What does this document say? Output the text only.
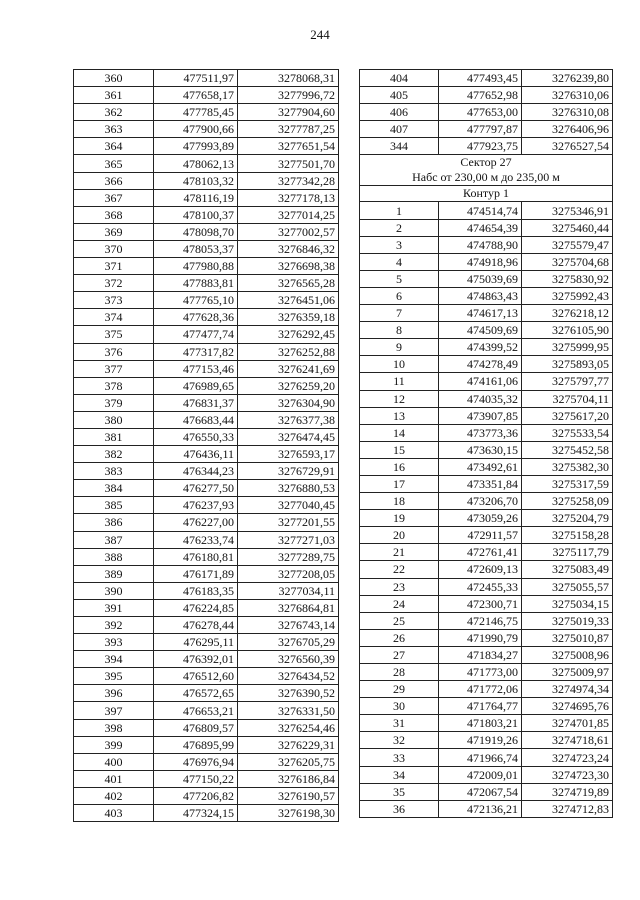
244
360	477511,97	3278068,31
361	477658,17	3277996,72
362	477785,45	3277904,60
363	477900,66	3277787,25
364	477993,89	3277651,54
365	478062,13	3277501,70
366	478103,32	3277342,28
367	478116,19	3277178,13
368	478100,37	3277014,25
369	478098,70	3277002,57
370	478053,37	3276846,32
371	477980,88	3276698,38
372	477883,81	3276565,28
373	477765,10	3276451,06
374	477628,36	3276359,18
375	477477,74	3276292,45
376	477317,82	3276252,88
377	477153,46	3276241,69
378	476989,65	3276259,20
379	476831,37	3276304,90
380	476683,44	3276377,38
381	476550,33	3276474,45
382	476436,11	3276593,17
383	476344,23	3276729,91
384	476277,50	3276880,53
385	476237,93	3277040,45
386	476227,00	3277201,55
387	476233,74	3277271,03
388	476180,81	3277289,75
389	476171,89	3277208,05
390	476183,35	3277034,11
391	476224,85	3276864,81
392	476278,44	3276743,14
393	476295,11	3276705,29
394	476392,01	3276560,39
395	476512,60	3276434,52
396	476572,65	3276390,52
397	476653,21	3276331,50
398	476809,57	3276254,46
399	476895,99	3276229,31
400	476976,94	3276205,75
401	477150,22	3276186,84
402	477206,82	3276190,57
403	477324,15	3276198,30
404	477493,45	3276239,80
405	477652,98	3276310,06
406	477653,00	3276310,08
407	477797,87	3276406,96
344	477923,75	3276527,54

Сектор 27
Набс от 230,00 м до 235,00 м		

Контур 1		
1	474514,74	3275346,91
2	474654,39	3275460,44
3	474788,90	3275579,47
4	474918,96	3275704,68
5	475039,69	3275830,92
6	474863,43	3275992,43
7	474617,13	3276218,12
8	474509,69	3276105,90
9	474399,52	3275999,95
10	474278,49	3275893,05
11	474161,06	3275797,77
12	474035,32	3275704,11
13	473907,85	3275617,20
14	473773,36	3275533,54
15	473630,15	3275452,58
16	473492,61	3275382,30
17	473351,84	3275317,59
18	473206,70	3275258,09
19	473059,26	3275204,79
20	472911,57	3275158,28
21	472761,41	3275117,79
22	472609,13	3275083,49
23	472455,33	3275055,57
24	472300,71	3275034,15
25	472146,75	3275019,33
26	471990,79	3275010,87
27	471834,27	3275008,96
28	471773,00	3275009,97
29	471772,06	3274974,34
30	471764,77	3274695,76
31	471803,21	3274701,85
32	471919,26	3274718,61
33	471966,74	3274723,24
34	472009,01	3274723,30
35	472067,54	3274719,89
36	472136,21	3274712,83
